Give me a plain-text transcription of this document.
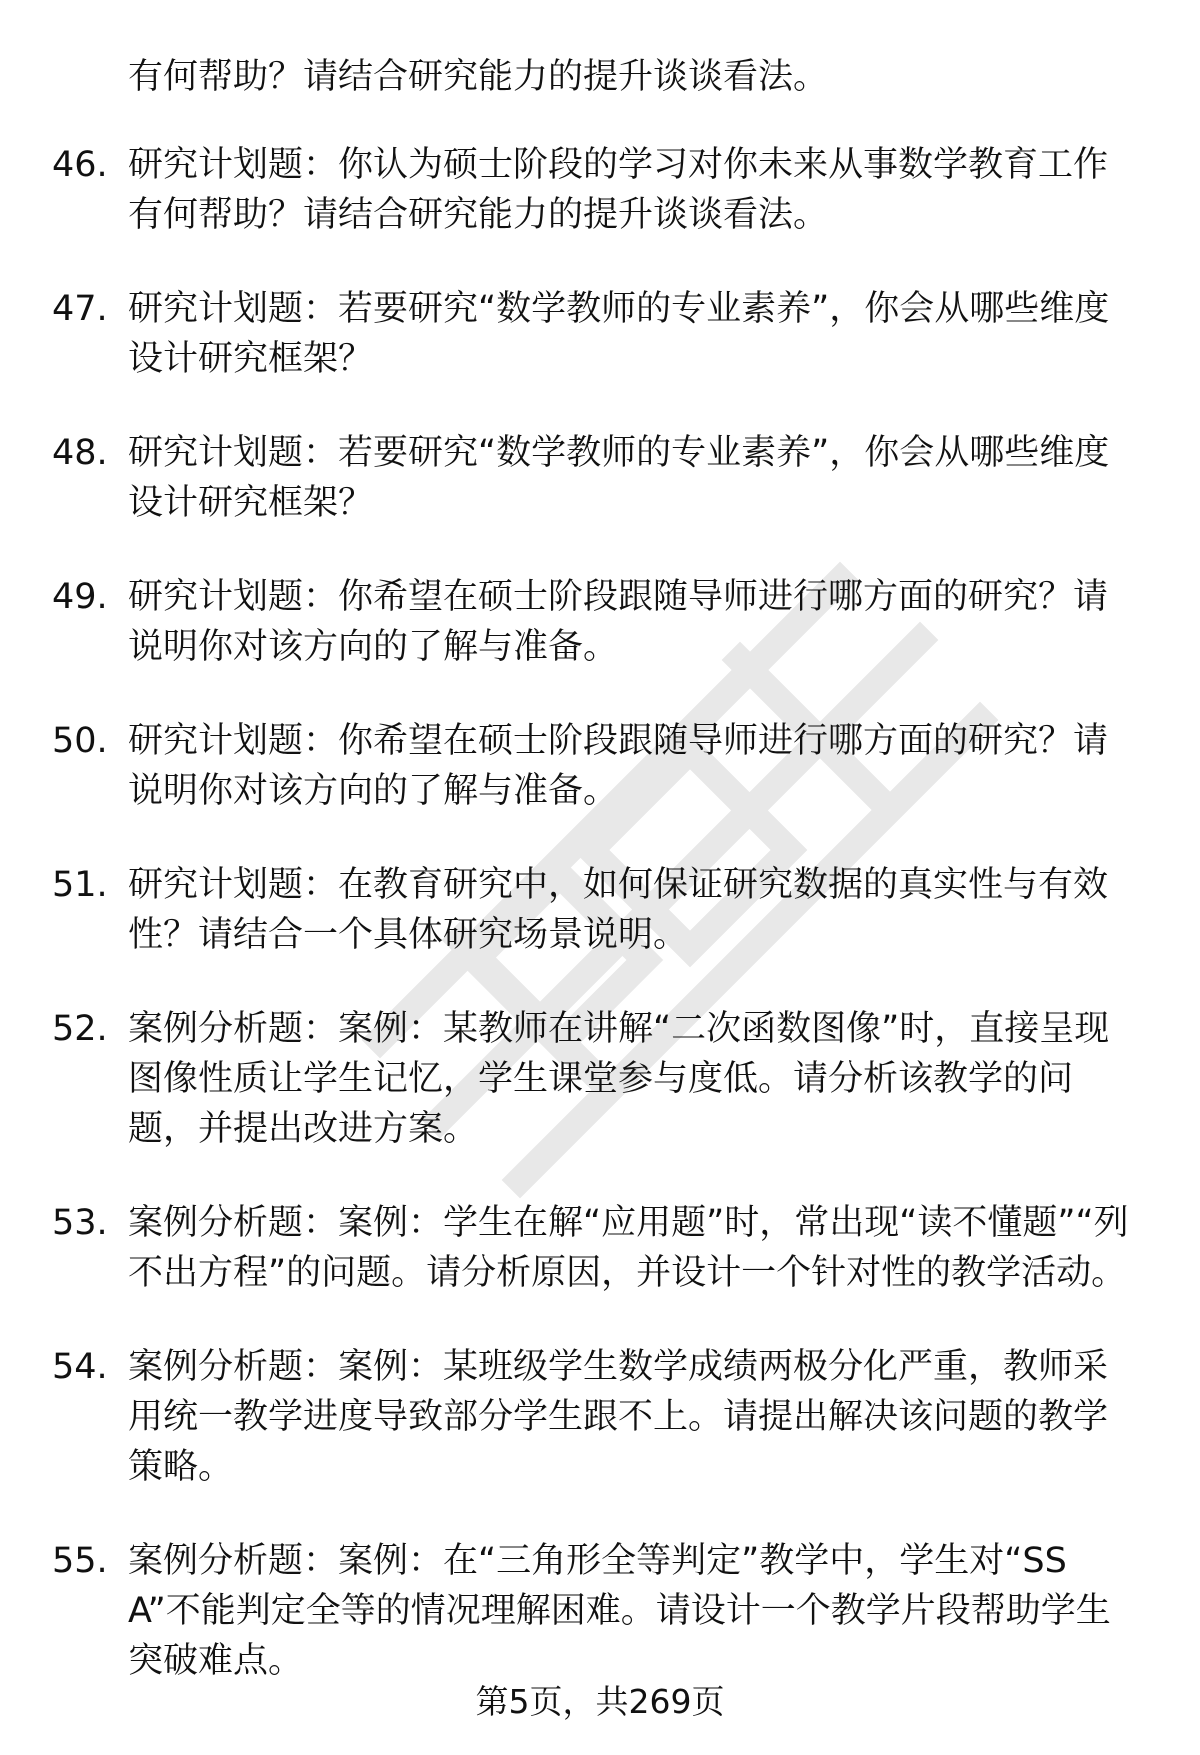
有何帮助？请结合研究能力的提升谈谈看法。

46. 研究计划题：你认为硕士阶段的学习对你未来从事数学教育工作有何帮助？请结合研究能力的提升谈谈看法。

47. 研究计划题：若要研究“数学教师的专业素养”，你会从哪些维度设计研究框架？

48. 研究计划题：若要研究“数学教师的专业素养”，你会从哪些维度设计研究框架？

49. 研究计划题：你希望在硕士阶段跟随导师进行哪方面的研究？请说明你对该方向的了解与准备。

50. 研究计划题：你希望在硕士阶段跟随导师进行哪方面的研究？请说明你对该方向的了解与准备。

51. 研究计划题：在教育研究中，如何保证研究数据的真实性与有效性？请结合一个具体研究场景说明。

52. 案例分析题：案例：某教师在讲解“二次函数图像”时，直接呈现图像性质让学生记忆，学生课堂参与度低。请分析该教学的问题，并提出改进方案。

53. 案例分析题：案例：学生在解“应用题”时，常出现“读不懂题”“列不出方程”的问题。请分析原因，并设计一个针对性的教学活动。

54. 案例分析题：案例：某班级学生数学成绩两极分化严重，教师采用统一教学进度导致部分学生跟不上。请提出解决该问题的教学策略。

55. 案例分析题：案例：在“三角形全等判定”教学中，学生对“SSA”不能判定全等的情况理解困难。请设计一个教学片段帮助学生突破难点。

第5页，共269页
